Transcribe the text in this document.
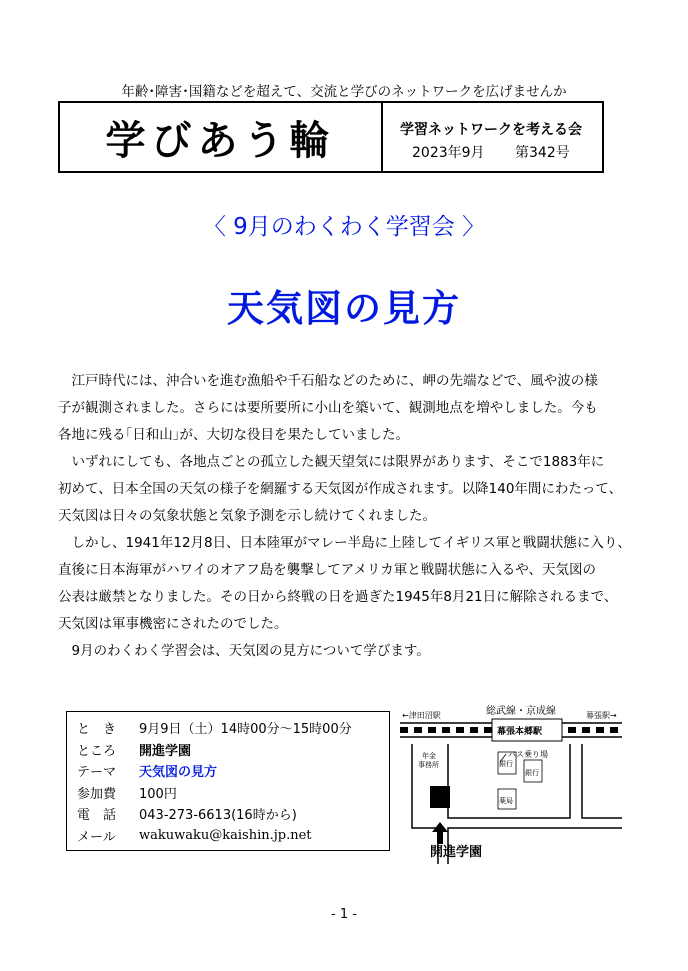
年齢･障害･国籍などを超えて、交流と学びのネットワークを広げませんか
学びあう輪	学習ネットワークを考える会
2023年9月 第342号
〈 9月のわくわく学習会 〉
天気図の見方

江戸時代には、沖合いを進む漁船や千石船などのために、岬の先端などで、風や波の様
子が観測されました。さらには要所要所に小山を築いて、観測地点を増やしました。今も
各地に残る｢日和山｣が、大切な役目を果たしていました。

いずれにしても、各地点ごとの孤立した観天望気には限界があります、そこで1883年に
初めて、日本全国の天気の様子を網羅する天気図が作成されます。以降140年間にわたって、
天気図は日々の気象状態と気象予測を示し続けてくれました。

しかし、1941年12月8日、日本陸軍がマレー半島に上陸してイギリス軍と戦闘状態に入り、
直後に日本海軍がハワイのオアフ島を襲撃してアメリカ軍と戦闘状態に入るや、天気図の
公表は厳禁となりました。その日から終戦の日を過ぎた1945年8月21日に解除されるまで、
天気図は軍事機密にされたのでした。

9月のわくわく学習会は、天気図の見方について学びます。

と　き	9月9日（土）14時00分～15時00分
ところ	開進学園
テーマ	天気図の見方
参加費	100円
電　話	043-273-6613(16時から)
メール	wakuwaku@kaishin.jp.net
←津田沼駅	幕張駅→
総武線・京成線
幕張本郷駅
バス乗り場
年金
事務所	銀行
銀行
薬局
開進学園
- 1 -
